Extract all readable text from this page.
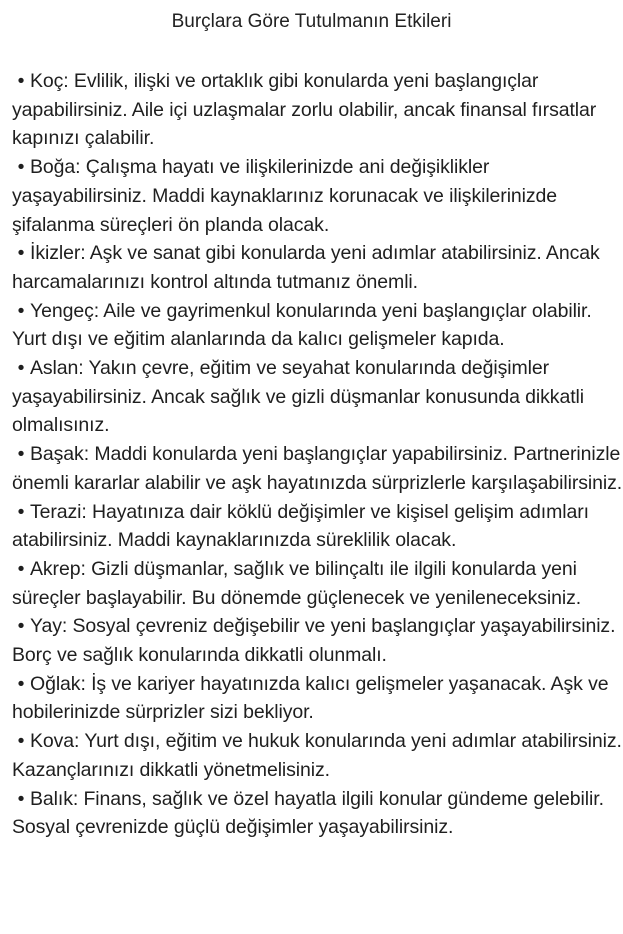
Burçlara Göre Tutulmanın Etkileri
• Koç: Evlilik, ilişki ve ortaklık gibi konularda yeni başlangıçlar yapabilirsiniz. Aile içi uzlaşmalar zorlu olabilir, ancak finansal fırsatlar kapınızı çalabilir.
• Boğa: Çalışma hayatı ve ilişkilerinizde ani değişiklikler yaşayabilirsiniz. Maddi kaynaklarınız korunacak ve ilişkilerinizde şifalanma süreçleri ön planda olacak.
• İkizler: Aşk ve sanat gibi konularda yeni adımlar atabilirsiniz. Ancak harcamalarınızı kontrol altında tutmanız önemli.
• Yengeç: Aile ve gayrimenkul konularında yeni başlangıçlar olabilir. Yurt dışı ve eğitim alanlarında da kalıcı gelişmeler kapıda.
• Aslan: Yakın çevre, eğitim ve seyahat konularında değişimler yaşayabilirsiniz. Ancak sağlık ve gizli düşmanlar konusunda dikkatli olmalısınız.
• Başak: Maddi konularda yeni başlangıçlar yapabilirsiniz. Partnerinizle önemli kararlar alabilir ve aşk hayatınızda sürprizlerle karşılaşabilirsiniz.
• Terazi: Hayatınıza dair köklü değişimler ve kişisel gelişim adımları atabilirsiniz. Maddi kaynaklarınızda süreklilik olacak.
• Akrep: Gizli düşmanlar, sağlık ve bilinçaltı ile ilgili konularda yeni süreçler başlayabilir. Bu dönemde güçlenecek ve yenileneceksiniz.
• Yay: Sosyal çevreniz değişebilir ve yeni başlangıçlar yaşayabilirsiniz. Borç ve sağlık konularında dikkatli olunmalı.
• Oğlak: İş ve kariyer hayatınızda kalıcı gelişmeler yaşanacak. Aşk ve hobilerinizde sürprizler sizi bekliyor.
• Kova: Yurt dışı, eğitim ve hukuk konularında yeni adımlar atabilirsiniz. Kazançlarınızı dikkatli yönetmelisiniz.
• Balık: Finans, sağlık ve özel hayatla ilgili konular gündeme gelebilir. Sosyal çevrenizde güçlü değişimler yaşayabilirsiniz.
